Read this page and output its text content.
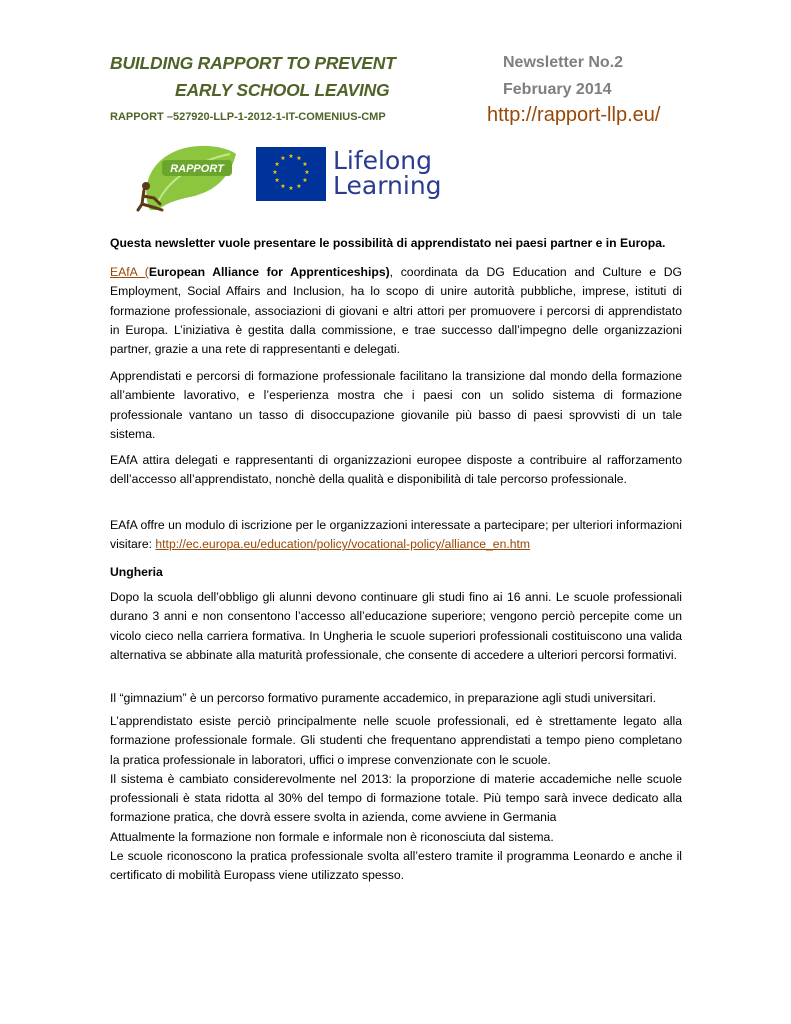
BUILDING RAPPORT TO PREVENT
EARLY SCHOOL LEAVING
Newsletter No.2
February 2014
RAPPORT –527920-LLP-1-2012-1-IT-COMENIUS-CMP	http://rapport-llp.eu/
RAPPORT
★ ★
★
★
★
★
★
★
★
★
★
★ Lifelong
Learning
Questa newsletter vuole presentare le possibilità di apprendistato nei paesi partner e in Europa.
EAfA (European Alliance for Apprenticeships), coordinata da DG Education and Culture e DG Employment, Social Affairs and Inclusion, ha lo scopo di unire autorità pubbliche, imprese, istituti di formazione professionale, associazioni di giovani e altri attori per promuovere i percorsi di apprendistato in Europa. L’iniziativa è gestita dalla commissione, e trae successo dall’impegno delle organizzazioni partner, grazie a una rete di rappresentanti e delegati.
Apprendistati e percorsi di formazione professionale facilitano la transizione dal mondo della formazione all’ambiente lavorativo, e l’esperienza mostra che i paesi con un solido sistema di formazione professionale vantano un tasso di disoccupazione giovanile più basso di paesi sprovvisti di un tale sistema.
EAfA attira delegati e rappresentanti di organizzazioni europee disposte a contribuire al rafforzamento dell’accesso all’apprendistato, nonchè della qualità e disponibilità di tale percorso professionale.
EAfA offre un modulo di iscrizione per le organizzazioni interessate a partecipare; per ulteriori informazioni visitare: http://ec.europa.eu/education/policy/vocational-policy/alliance_en.htm
Ungheria
Dopo la scuola dell’obbligo gli alunni devono continuare gli studi fino ai 16 anni. Le scuole professionali durano 3 anni e non consentono l’accesso all’educazione superiore; vengono perciò percepite come un vicolo cieco nella carriera formativa. In Ungheria le scuole superiori professionali costituiscono una valida alternativa se abbinate alla maturità professionale, che consente di accedere a ulteriori percorsi formativi.
Il “gimnazium” è un percorso formativo puramente accademico, in preparazione agli studi universitari.

L’apprendistato esiste perciò principalmente nelle scuole professionali, ed è strettamente legato alla formazione professionale formale. Gli studenti che frequentano apprendistati a tempo pieno completano la pratica professionale in laboratori, uffici o imprese convenzionate con le scuole.

Il sistema è cambiato considerevolmente nel 2013: la proporzione di materie accademiche nelle scuole professionali è stata ridotta al 30% del tempo di formazione totale. Più tempo sarà invece dedicato alla formazione pratica, che dovrà essere svolta in azienda, come avviene in Germania

Attualmente la formazione non formale e informale non è riconosciuta dal sistema.

Le scuole riconoscono la pratica professionale svolta all’estero tramite il programma Leonardo e anche il certificato di mobilità Europass viene utilizzato spesso.
